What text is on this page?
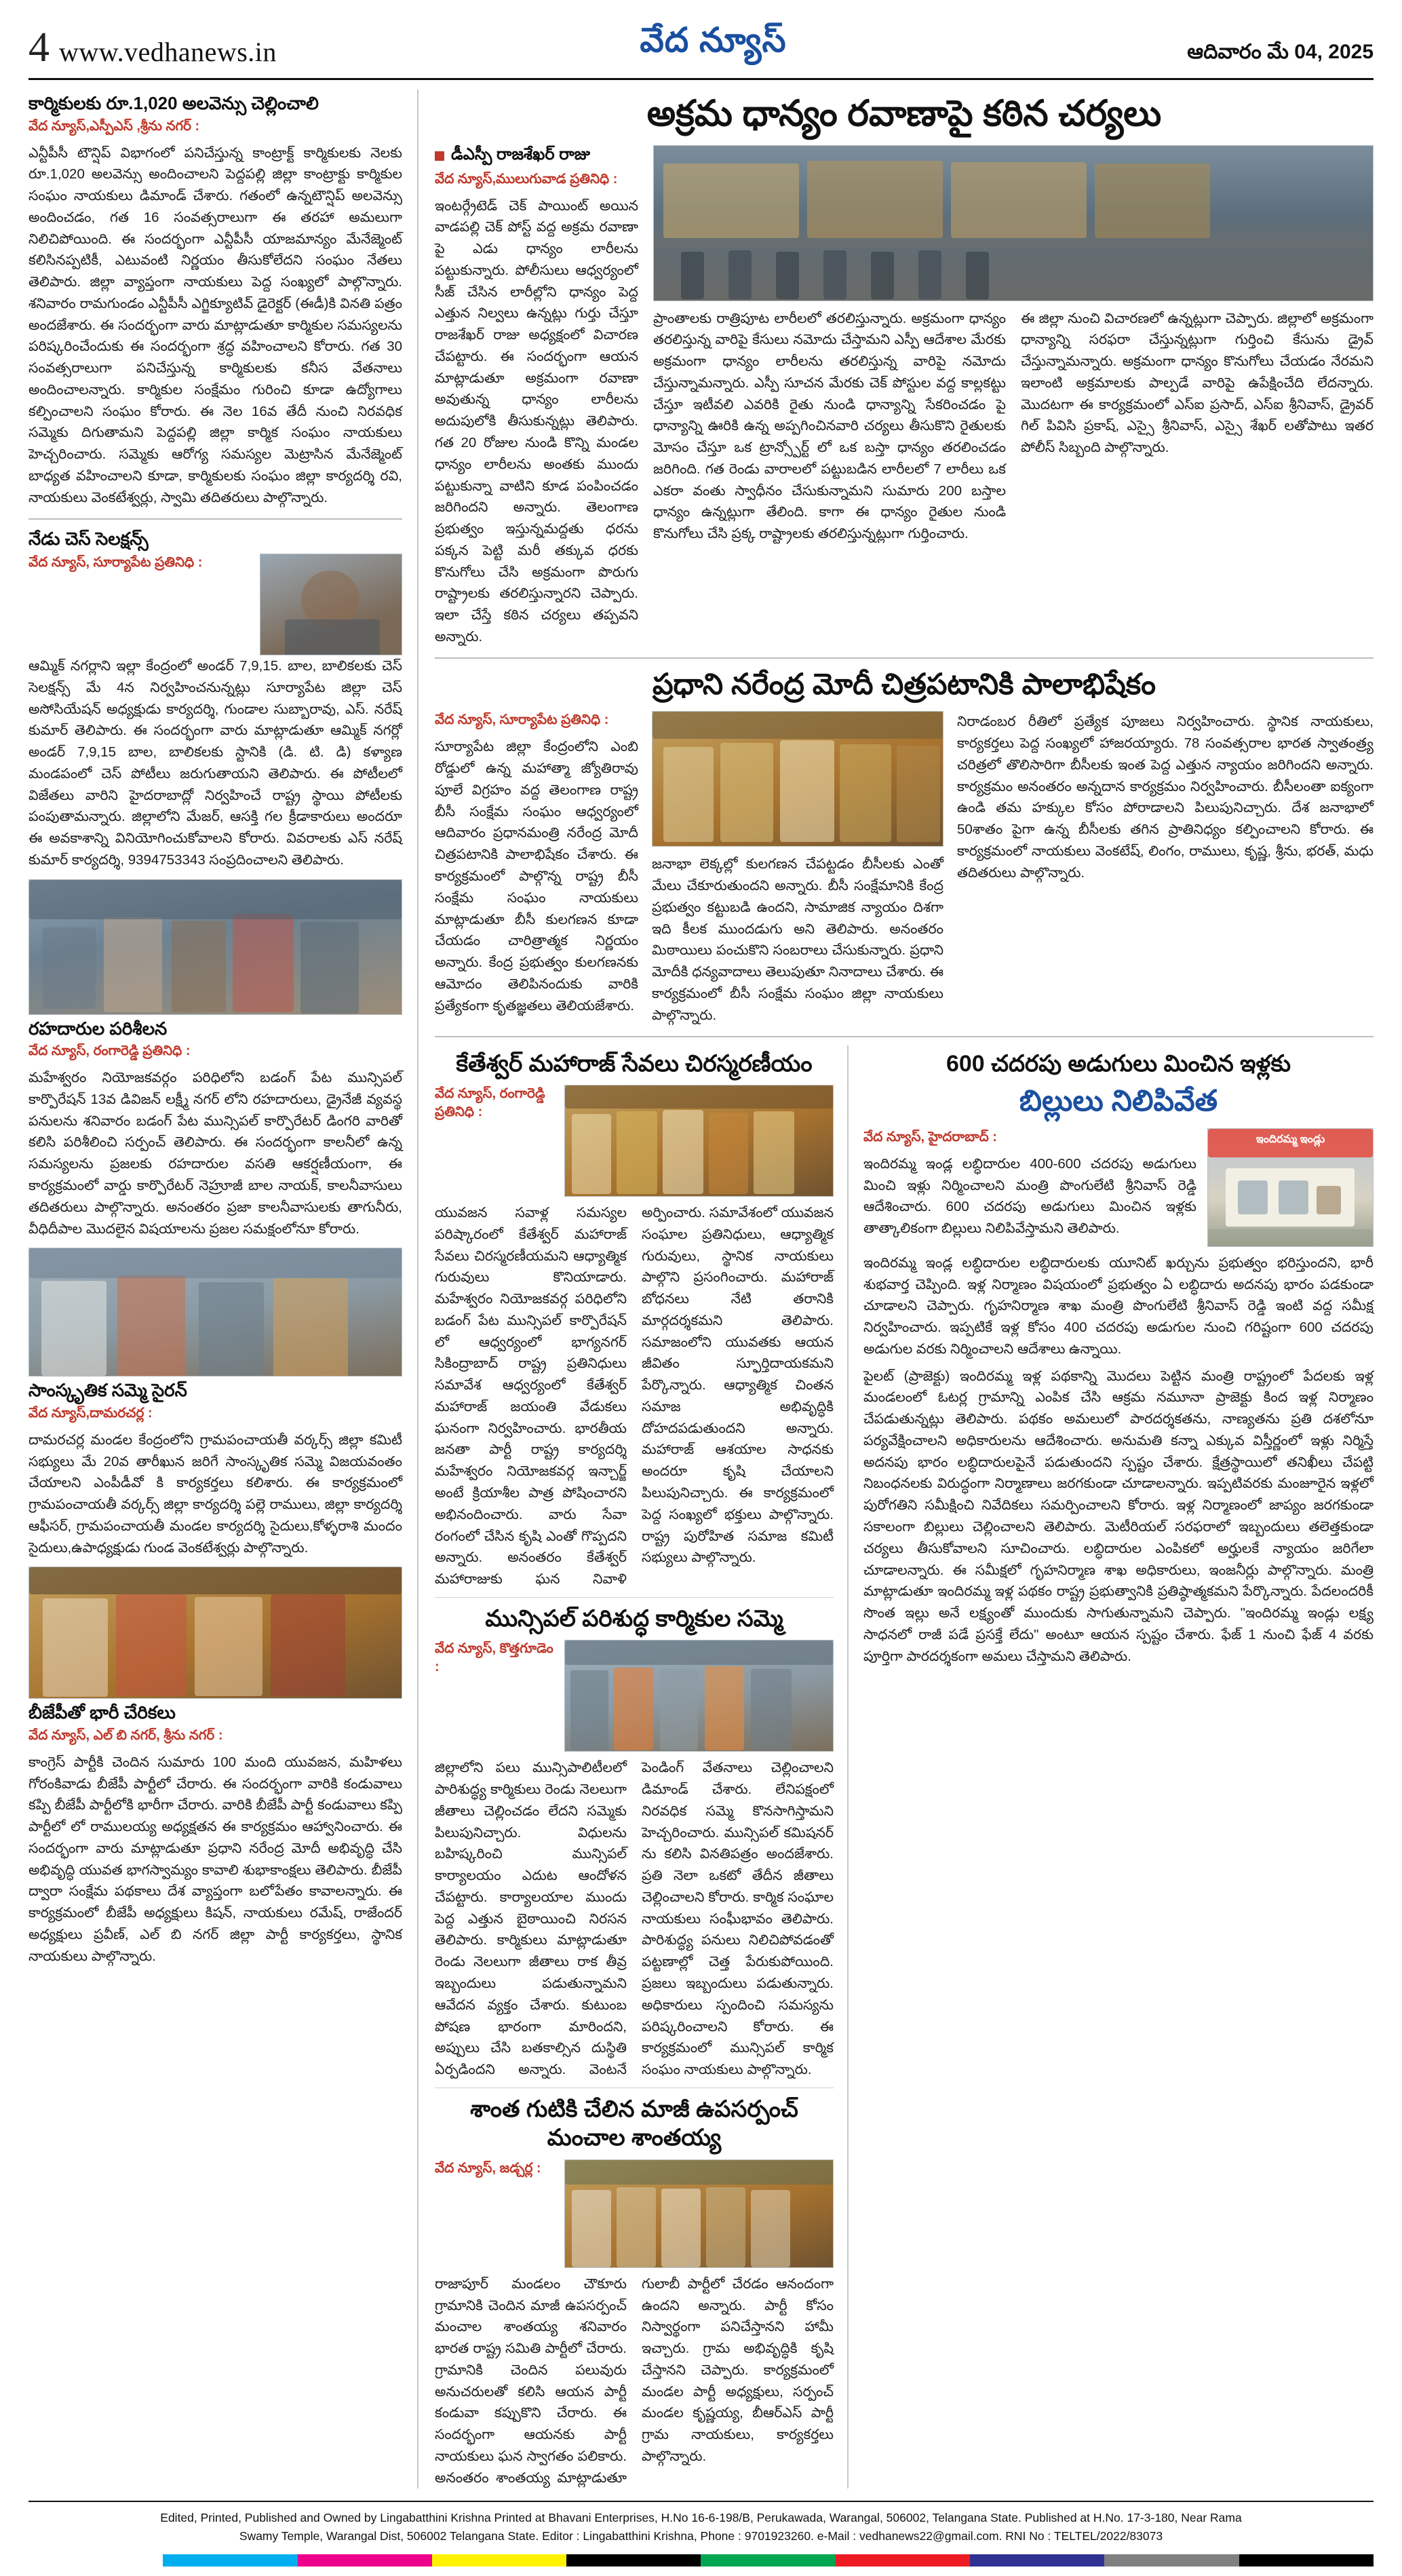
4 www.vedhanews.in	వేద న్యూస్	ఆదివారం మే 04, 2025
కార్మికులకు రూ.1,020 అలవెన్సు చెల్లించాలి
వేద న్యూస్,ఎస్పీఎస్ ,శ్రీను నగర్ :
ఎన్టీపీసీ టౌన్షిప్ విభాగంలో పనిచేస్తున్న కాంట్రాక్ట్ కార్మికులకు నెలకు రూ.1,020 అలవెన్సు అందించాలని పెద్దపల్లి జిల్లా కాంట్రాక్టు కార్మికుల సంఘం నాయకులు డిమాండ్ చేశారు. గతంలో ఉన్నటౌన్షిప్ అలవెన్సు అందించడం, గత 16 సంవత్సరాలుగా ఈ తరహా అమలుగా నిలిచిపోయింది. ఈ సందర్భంగా ఎన్టీపీసీ యాజమాన్యం మేనేజ్మెంట్ కలిసినప్పటికీ, ఎటువంటి నిర్ణయం తీసుకోలేదని సంఘం నేతలు తెలిపారు. జిల్లా వ్యాప్తంగా నాయకులు పెద్ద సంఖ్యలో పాల్గొన్నారు. శనివారం రామగుండం ఎన్టీపీసీ ఎగ్జిక్యూటివ్ డైరెక్టర్ (ఈడీ)కి వినతి పత్రం అందజేశారు. ఈ సందర్భంగా వారు మాట్లాడుతూ కార్మికుల సమస్యలను పరిష్కరించేందుకు ఈ సందర్భంగా శ్రద్ధ వహించాలని కోరారు. గత 30 సంవత్సరాలుగా పనిచేస్తున్న కార్మికులకు కనీస వేతనాలు అందించాలన్నారు. కార్మికుల సంక్షేమం గురించి కూడా ఉద్యోగాలు కల్పించాలని సంఘం కోరారు. ఈ నెల 16వ తేదీ నుంచి నిరవధిక సమ్మెకు దిగుతామని పెద్దపల్లి జిల్లా కార్మిక సంఘం నాయకులు హెచ్చరించారు. సమ్మెకు ఆరోగ్య సమస్యల మెట్రాసిన మేనేజ్మెంట్ బాధ్యత వహించాలని కూడా, కార్మికులకు సంఘం జిల్లా కార్యదర్శి రవి, నాయకులు వెంకటేశ్వర్లు, స్వామి తదితరులు పాల్గొన్నారు.
నేడు చెస్ సెలక్షన్స్
వేద న్యూస్, సూర్యాపేట ప్రతినిధి :
ఆమ్మిక్ నగర్లాని ఇల్లా కేంద్రంలో అండర్ 7,9,15. బాల, బాలికలకు చెస్ సెలక్షన్స్ మే 4న నిర్వహించనున్నట్లు సూర్యాపేట జిల్లా చెస్ అసోసియేషన్ అధ్యక్షుడు కార్యదర్శి, గుండాల సుబ్బారావు, ఎస్. నరేష్ కుమార్ తెలిపారు. ఈ సందర్భంగా వారు మాట్లాడుతూ ఆమ్మిక్ నగర్లో అండర్ 7,9,15 బాల, బాలికలకు స్టానికి (డి. టి. డి) కళ్యాణ మండపంలో చెస్ పోటీలు జరుగుతాయని తెలిపారు. ఈ పోటీలలో విజేతలు వారిని హైదరాబాద్లో నిర్వహించే రాష్ట్ర స్థాయి పోటీలకు పంపుతామన్నారు. జిల్లాలోని మేజర్, ఆసక్తి గల క్రీడాకారులు అందరూ ఈ అవకాశాన్ని వినియోగించుకోవాలని కోరారు. వివరాలకు ఎస్ నరేష్ కుమార్ కార్యదర్శి, 9394753343 సంప్రదించాలని తెలిపారు.
రహదారుల పరిశీలన
వేద న్యూస్, రంగారెడ్డి ప్రతినిధి :
మహేశ్వరం నియోజకవర్గం పరిధిలోని బడంగ్ పేట మున్సిపల్ కార్పొరేషన్ 13వ డివిజన్ లక్ష్మీ నగర్ లోని రహదారులు, డ్రైనేజీ వ్యవస్థ పనులను శనివారం బడంగ్ పేట మున్సిపల్ కార్పొరేటర్ డింగరి వారితో కలిసి పరిశీలించి సర్పంచ్ తెలిపారు. ఈ సందర్భంగా కాలనీలో ఉన్న సమస్యలను ప్రజలకు రహదారుల వసతి ఆకర్షణీయంగా, ఈ కార్యక్రమంలో వార్డు కార్పొరేటర్ నెహ్రూజీ బాల నాయక్, కాలనీవాసులు తదితరులు పాల్గొన్నారు. అనంతరం ప్రజా కాలనీవాసులకు తాగునీరు, వీధిదీపాల మొదలైన విషయాలను ప్రజల సమక్షంలోనూ కోరారు.
సాంస్కృతిక సమ్మె సైరన్
వేద న్యూస్,దామరచర్ల :
దామరచర్ల మండల కేంద్రంలోని గ్రామపంచాయతీ వర్కర్స్ జిల్లా కమిటీ సభ్యులు మే 20వ తారీఖున జరిగే సాంస్కృతిక సమ్మె విజయవంతం చేయాలని ఎంపీడీవో కి కార్యకర్తలు కలిశారు. ఈ కార్యక్రమంలో గ్రామపంచాయతీ వర్కర్స్ జిల్లా కార్యదర్శి పల్లె రాములు, జిల్లా కార్యదర్శి ఆఫీసర్, గ్రామపంచాయతీ మండల కార్యదర్శి సైదులు,కోళ్ళరాశి మందం సైదులు,ఉపాధ్యక్షుడు గుండ వెంకటేశ్వర్లు పాల్గొన్నారు.
బీజేపీతో భారీ చేరికలు
వేద న్యూస్, ఎల్ బి నగర్, శ్రీను నగర్ :
కాంగ్రెస్ పార్టీకి చెందిన సుమారు 100 మంది యువజన, మహిళలు గోరంకివాడు బీజేపీ పార్టీలో చేరారు. ఈ సందర్భంగా వారికి కండువాలు కప్పి బీజేపీ పార్టీలోకి భారీగా చేరారు. వారికి బీజేపీ పార్టీ కండువాలు కప్పి పార్టీలో లో రాములయ్య అధ్యక్షతన ఈ కార్యక్రమం ఆహ్వానించారు. ఈ సందర్భంగా వారు మాట్లాడుతూ ప్రధాని నరేంద్ర మోదీ అభివృద్ధి చేసి అభివృద్ధి యువత భాగస్వామ్యం కావాలి శుభాకాంక్షలు తెలిపారు. బీజేపీ ద్వారా సంక్షేమ పథకాలు దేశ వ్యాప్తంగా బలోపేతం కావాలన్నారు. ఈ కార్యక్రమంలో బీజేపీ అధ్యక్షులు కిషన్, నాయకులు రమేష్, రాజేందర్ అధ్యక్షులు ప్రవీణ్, ఎల్ బి నగర్ జిల్లా పార్టీ కార్యకర్తలు, స్థానిక నాయకులు పాల్గొన్నారు.
అక్రమ ధాన్యం రవాణాపై కఠిన చర్యలు
డీఎస్పీ రాజశేఖర్ రాజు
వేద న్యూస్,ములుగువాడ ప్రతినిధి :
ఇంటర్గ్రేటెడ్ చెక్ పాయింట్ అయిన వాడపల్లి చెక్ పోస్ట్ వద్ద అక్రమ రవాణా పై ఎడు ధాన్యం లారీలను పట్టుకున్నారు. పోలీసులు ఆధ్వర్యంలో సీజ్ చేసిన లారీల్లోని ధాన్యం పెద్ద ఎత్తున నిల్వలు ఉన్నట్లు గుర్తు చేస్తూ రాజశేఖర్ రాజు అధ్యక్షంలో విచారణ చేపట్టారు. ఈ సందర్భంగా ఆయన మాట్లాడుతూ అక్రమంగా రవాణా అవుతున్న ధాన్యం లారీలను అదుపులోకి తీసుకున్నట్లు తెలిపారు. గత 20 రోజుల నుండి కొన్ని మండల ధాన్యం లారీలను అంతకు ముందు పట్టుకున్నా వాటిని కూడ పంపించడం జరిగిందని అన్నారు. తెలంగాణ ప్రభుత్వం ఇస్తున్నమద్దతు ధరను పక్కన పెట్టి మరీ తక్కువ ధరకు కొనుగోలు చేసి అక్రమంగా పొరుగు రాష్ట్రాలకు తరలిస్తున్నారని చెప్పారు. ఇలా చేస్తే కఠిన చర్యలు తప్పవని అన్నారు.
ప్రాంతాలకు రాత్రిపూట లారీలలో తరలిస్తున్నారు. అక్రమంగా ధాన్యం తరలిస్తున్న వారిపై కేసులు నమోదు చేస్తామని ఎస్పీ ఆదేశాల మేరకు అక్రమంగా ధాన్యం లారీలను తరలిస్తున్న వారిపై నమోదు చేస్తున్నామన్నారు. ఎస్పీ సూచన మేరకు చెక్ పోస్టుల వద్ద కాల్లకట్టు చేస్తూ ఇటీవలి ఎవరికి రైతు నుండి ధాన్యాన్ని సేకరించడం పై ధాన్యాన్ని ఊరికి ఉన్న అప్పగించినవారి చర్యలు తీసుకొని రైతులకు మోసం చేస్తూ ఒక ట్రాన్స్పోర్ట్ లో ఒక బస్తా ధాన్యం తరలించడం జరిగింది. గత రెండు వారాలలో పట్టుబడిన లారీలలో 7 లారీలు ఒక ఎకరా వంతు స్వాధీనం చేసుకున్నామని సుమారు 200 బస్తాల ధాన్యం ఉన్నట్లుగా తేలింది. కాగా ఈ ధాన్యం రైతుల నుండి కొనుగోలు చేసి ప్రక్క రాష్ట్రాలకు తరలిస్తున్నట్లుగా గుర్తించారు.
ఈ జిల్లా నుంచి విచారణలో ఉన్నట్లుగా చెప్పారు. జిల్లాలో అక్రమంగా ధాన్యాన్ని సరఫరా చేస్తున్నట్లుగా గుర్తించి కేసును డ్రైవ్ చేస్తున్నామన్నారు. అక్రమంగా ధాన్యం కొనుగోలు చేయడం నేరమని ఇలాంటి అక్రమాలకు పాల్పడే వారిపై ఉపేక్షించేది లేదన్నారు. మొదటగా ఈ కార్యక్రమంలో ఎస్ఐ ప్రసాద్, ఎస్ఐ శ్రీనివాస్, డ్రైవర్ గిల్ పివిసి ప్రకాష్, ఎస్సై శ్రీనివాస్, ఎస్సై శేఖర్ లతోపాటు ఇతర పోలీస్ సిబ్బంది పాల్గొన్నారు.
ప్రధాని నరేంద్ర మోదీ చిత్రపటానికి పాలాభిషేకం
వేద న్యూస్, సూర్యాపేట ప్రతినిధి :
సూర్యాపేట జిల్లా కేంద్రంలోని ఎంబి రోడ్డులో ఉన్న మహాత్మా జ్యోతిరావు పూలే విగ్రహం వద్ద తెలంగాణ రాష్ట్ర బీసీ సంక్షేమ సంఘం ఆధ్వర్యంలో ఆదివారం ప్రధానమంత్రి నరేంద్ర మోదీ చిత్రపటానికి పాలాభిషేకం చేశారు. ఈ కార్యక్రమంలో పాల్గొన్న రాష్ట్ర బీసీ సంక్షేమ సంఘం నాయకులు మాట్లాడుతూ బీసీ కులగణన కూడా చేయడం చారిత్రాత్మక నిర్ణయం అన్నారు. కేంద్ర ప్రభుత్వం కులగణనకు ఆమోదం తెలిపినందుకు వారికి ప్రత్యేకంగా కృతజ్ఞతలు తెలియజేశారు.
జనాభా లెక్కల్లో కులగణన చేపట్టడం బీసీలకు ఎంతో మేలు చేకూరుతుందని అన్నారు. బీసీ సంక్షేమానికి కేంద్ర ప్రభుత్వం కట్టుబడి ఉందని, సామాజిక న్యాయం దిశగా ఇది కీలక ముందడుగు అని తెలిపారు. అనంతరం మిఠాయిలు పంచుకొని సంబరాలు చేసుకున్నారు. ప్రధాని మోదీకి ధన్యవాదాలు తెలుపుతూ నినాదాలు చేశారు. ఈ కార్యక్రమంలో బీసీ సంక్షేమ సంఘం జిల్లా నాయకులు పాల్గొన్నారు.
నిరాడంబర రీతిలో ప్రత్యేక పూజలు నిర్వహించారు. స్థానిక నాయకులు, కార్యకర్తలు పెద్ద సంఖ్యలో హాజరయ్యారు. 78 సంవత్సరాల భారత స్వాతంత్ర్య చరిత్రలో తొలిసారిగా బీసీలకు ఇంత పెద్ద ఎత్తున న్యాయం జరిగిందని అన్నారు. కార్యక్రమం అనంతరం అన్నదాన కార్యక్రమం నిర్వహించారు. బీసీలంతా ఐక్యంగా ఉండి తమ హక్కుల కోసం పోరాడాలని పిలుపునిచ్చారు. దేశ జనాభాలో 50శాతం పైగా ఉన్న బీసీలకు తగిన ప్రాతినిధ్యం కల్పించాలని కోరారు. ఈ కార్యక్రమంలో నాయకులు వెంకటేష్, లింగం, రాములు, కృష్ణ, శ్రీను, భరత్, మధు తదితరులు పాల్గొన్నారు.
కేతేశ్వర్ మహారాజ్ సేవలు చిరస్మరణీయం
వేద న్యూస్, రంగారెడ్డి ప్రతినిధి :
యువజన సవాళ్ల సమస్యల పరిష్కారంలో కేతేశ్వర్ మహారాజ్ సేవలు చిరస్మరణీయమని ఆధ్యాత్మిక గురువులు కొనియాడారు. మహేశ్వరం నియోజకవర్గ పరిధిలోని బడంగ్ పేట మున్సిపల్ కార్పొరేషన్ లో ఆధ్వర్యంలో భాగ్యనగర్ సికింద్రాబాద్ రాష్ట్ర ప్రతినిధులు సమావేశ ఆధ్వర్యంలో కేతేశ్వర్ మహారాజ్ జయంతి వేడుకలు ఘనంగా నిర్వహించారు. భారతీయ జనతా పార్టీ రాష్ట్ర కార్యదర్శి మహేశ్వరం నియోజకవర్గ ఇన్చార్జ్ అంటే క్రియాశీల పాత్ర పోషించారని అభినందించారు. వారు సేవా రంగంలో చేసిన కృషి ఎంతో గొప్పదని అన్నారు. అనంతరం కేతేశ్వర్ మహారాజుకు ఘన నివాళి అర్పించారు. సమావేశంలో యువజన సంఘాల ప్రతినిధులు, ఆధ్యాత్మిక గురువులు, స్థానిక నాయకులు పాల్గొని ప్రసంగించారు. మహారాజ్ బోధనలు నేటి తరానికి మార్గదర్శకమని తెలిపారు. సమాజంలోని యువతకు ఆయన జీవితం స్ఫూర్తిదాయకమని పేర్కొన్నారు. ఆధ్యాత్మిక చింతన సమాజ అభివృద్ధికి దోహదపడుతుందని అన్నారు. మహారాజ్ ఆశయాల సాధనకు అందరూ కృషి చేయాలని పిలుపునిచ్చారు. ఈ కార్యక్రమంలో పెద్ద సంఖ్యలో భక్తులు పాల్గొన్నారు. రాష్ట్ర పురోహిత సమాజ కమిటీ సభ్యులు పాల్గొన్నారు.
మున్సిపల్ పరిశుద్ధ కార్మికుల సమ్మె
వేద న్యూస్, కొత్తగూడెం :
జిల్లాలోని పలు మున్సిపాలిటీలలో పారిశుద్ధ్య కార్మికులు రెండు నెలలుగా జీతాలు చెల్లించడం లేదని సమ్మెకు పిలుపునిచ్చారు. విధులను బహిష్కరించి మున్సిపల్ కార్యాలయం ఎదుట ఆందోళన చేపట్టారు. కార్యాలయాల ముందు పెద్ద ఎత్తున బైఠాయించి నిరసన తెలిపారు. కార్మికులు మాట్లాడుతూ రెండు నెలలుగా జీతాలు రాక తీవ్ర ఇబ్బందులు పడుతున్నామని ఆవేదన వ్యక్తం చేశారు. కుటుంబ పోషణ భారంగా మారిందని, అప్పులు చేసి బతకాల్సిన దుస్థితి ఏర్పడిందని అన్నారు. వెంటనే పెండింగ్ వేతనాలు చెల్లించాలని డిమాండ్ చేశారు. లేనిపక్షంలో నిరవధిక సమ్మె కొనసాగిస్తామని హెచ్చరించారు. మున్సిపల్ కమిషనర్ ను కలిసి వినతిపత్రం అందజేశారు. ప్రతి నెలా ఒకటో తేదీన జీతాలు చెల్లించాలని కోరారు. కార్మిక సంఘాల నాయకులు సంఘీభావం తెలిపారు. పారిశుద్ధ్య పనులు నిలిచిపోవడంతో పట్టణాల్లో చెత్త పేరుకుపోయింది. ప్రజలు ఇబ్బందులు పడుతున్నారు. అధికారులు స్పందించి సమస్యను పరిష్కరించాలని కోరారు. ఈ కార్యక్రమంలో మున్సిపల్ కార్మిక సంఘం నాయకులు పాల్గొన్నారు.
శాంత గుటికి చేలిన మాజీ ఉపసర్పంచ్ మంచాల శాంతయ్య
వేద న్యూస్, జడ్చర్ల :
రాజాపూర్ మండలం చౌకూరు గ్రామానికి చెందిన మాజీ ఉపసర్పంచ్ మంచాల శాంతయ్య శనివారం భారత రాష్ట్ర సమితి పార్టీలో చేరారు. గ్రామానికి చెందిన పలువురు అనుచరులతో కలిసి ఆయన పార్టీ కండువా కప్పుకొని చేరారు. ఈ సందర్భంగా ఆయనకు పార్టీ నాయకులు ఘన స్వాగతం పలికారు. అనంతరం శాంతయ్య మాట్లాడుతూ గులాబీ పార్టీలో చేరడం ఆనందంగా ఉందని అన్నారు. పార్టీ కోసం నిస్వార్థంగా పనిచేస్తానని హామీ ఇచ్చారు. గ్రామ అభివృద్ధికి కృషి చేస్తానని చెప్పారు. కార్యక్రమంలో మండల పార్టీ అధ్యక్షులు, సర్పంచ్ మండల కృష్ణయ్య, బీఆర్ఎస్ పార్టీ గ్రామ నాయకులు, కార్యకర్తలు పాల్గొన్నారు.
600 చదరపు అడుగులు మించిన ఇళ్లకు
బిల్లులు నిలిపివేత
వేద న్యూస్, హైదరాబాద్ :
ఇందిరమ్మ ఇండ్ల లబ్ధిదారుల 400-600 చదరపు అడుగులు మించి ఇళ్లు నిర్మించాలని మంత్రి పొంగులేటి శ్రీనివాస్ రెడ్డి ఆదేశించారు. 600 చదరపు అడుగులు మించిన ఇళ్లకు తాత్కాలికంగా బిల్లులు నిలిపివేస్తామని తెలిపారు.
ఇందిరమ్మ ఇండ్లు
ఇందిరమ్మ ఇండ్ల లబ్ధిదారుల లబ్ధిదారులకు యూనిట్ ఖర్చును ప్రభుత్వం భరిస్తుందని, భారీ శుభవార్త చెప్పింది. ఇళ్ల నిర్మాణం విషయంలో ప్రభుత్వం ఏ లబ్ధిదారు అదనపు భారం పడకుండా చూడాలని చెప్పారు. గృహనిర్మాణ శాఖ మంత్రి పొంగులేటి శ్రీనివాస్ రెడ్డి ఇంటి వద్ద సమీక్ష నిర్వహించారు. ఇప్పటికే ఇళ్ల కోసం 400 చదరపు అడుగుల నుంచి గరిష్టంగా 600 చదరపు అడుగుల వరకు నిర్మించాలని ఆదేశాలు ఉన్నాయి.
పైలట్ (ప్రాజెక్టు) ఇందిరమ్మ ఇళ్ల పథకాన్ని మొదలు పెట్టిన మంత్రి రాష్ట్రంలో పేదలకు ఇళ్ల మండలంలో ఓటర్ల గ్రామాన్ని ఎంపిక చేసి ఆక్రమ నమూనా ప్రాజెక్టు కింద ఇళ్ల నిర్మాణం చేపడుతున్నట్లు తెలిపారు. పథకం అమలులో పారదర్శకతను, నాణ్యతను ప్రతి దశలోనూ పర్యవేక్షించాలని అధికారులను ఆదేశించారు. అనుమతి కన్నా ఎక్కువ విస్తీర్ణంలో ఇళ్లు నిర్మిస్తే అదనపు భారం లబ్ధిదారులపైనే పడుతుందని స్పష్టం చేశారు. క్షేత్రస్థాయిలో తనిఖీలు చేపట్టి నిబంధనలకు విరుద్ధంగా నిర్మాణాలు జరగకుండా చూడాలన్నారు. ఇప్పటివరకు మంజూరైన ఇళ్లలో పురోగతిని సమీక్షించి నివేదికలు సమర్పించాలని కోరారు. ఇళ్ల నిర్మాణంలో జాప్యం జరగకుండా సకాలంగా బిల్లులు చెల్లించాలని తెలిపారు. మెటీరియల్ సరఫరాలో ఇబ్బందులు తలెత్తకుండా చర్యలు తీసుకోవాలని సూచించారు. లబ్ధిదారుల ఎంపికలో అర్హులకే న్యాయం జరిగేలా చూడాలన్నారు. ఈ సమీక్షలో గృహనిర్మాణ శాఖ అధికారులు, ఇంజనీర్లు పాల్గొన్నారు. మంత్రి మాట్లాడుతూ ఇందిరమ్మ ఇళ్ల పథకం రాష్ట్ర ప్రభుత్వానికి ప్రతిష్ఠాత్మకమని పేర్కొన్నారు. పేదలందరికీ సొంత ఇల్లు అనే లక్ష్యంతో ముందుకు సాగుతున్నామని చెప్పారు. "ఇందిరమ్మ ఇండ్లు లక్ష్య సాధనలో రాజీ పడే ప్రసక్తే లేదు" అంటూ ఆయన స్పష్టం చేశారు. ఫేజ్ 1 నుంచి ఫేజ్ 4 వరకు పూర్తిగా పారదర్శకంగా అమలు చేస్తామని తెలిపారు.
Edited, Printed, Published and Owned by Lingabatthini Krishna Printed at Bhavani Enterprises, H.No 16-6-198/B, Perukawada, Warangal, 506002, Telangana State. Published at H.No. 17-3-180, Near Rama
Swamy Temple, Warangal Dist, 506002 Telangana State. Editor : Lingabatthini Krishna, Phone : 9701923260. e-Mail : vedhanews22@gmail.com. RNI No : TELTEL/2022/83073
